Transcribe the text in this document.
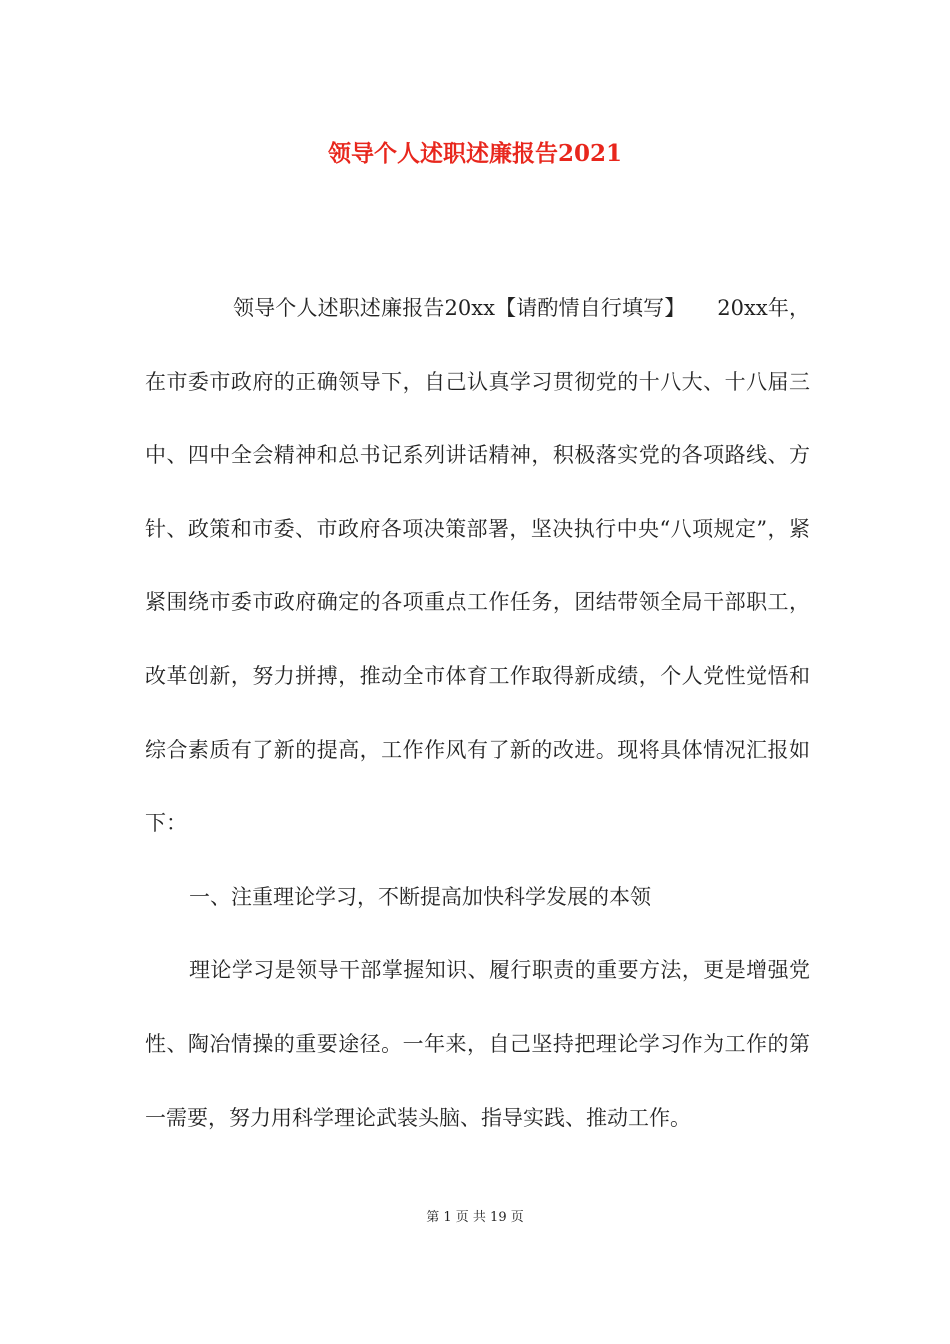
领导个人述职述廉报告2021

领导个人述职述廉报告20xx【请酌情自行填写】　　20xx年，在市委市政府的正确领导下，自己认真学习贯彻党的十八大、十八届三中、四中全会精神和总书记系列讲话精神，积极落实党的各项路线、方针、政策和市委、市政府各项决策部署，坚决执行中央“八项规定”，紧紧围绕市委市政府确定的各项重点工作任务，团结带领全局干部职工，改革创新，努力拼搏，推动全市体育工作取得新成绩，个人党性觉悟和综合素质有了新的提高，工作作风有了新的改进。现将具体情况汇报如下：

一、注重理论学习，不断提高加快科学发展的本领

理论学习是领导干部掌握知识、履行职责的重要方法，更是增强党性、陶冶情操的重要途径。一年来，自己坚持把理论学习作为工作的第一需要，努力用科学理论武装头脑、指导实践、推动工作。

第 1 页 共 19 页
